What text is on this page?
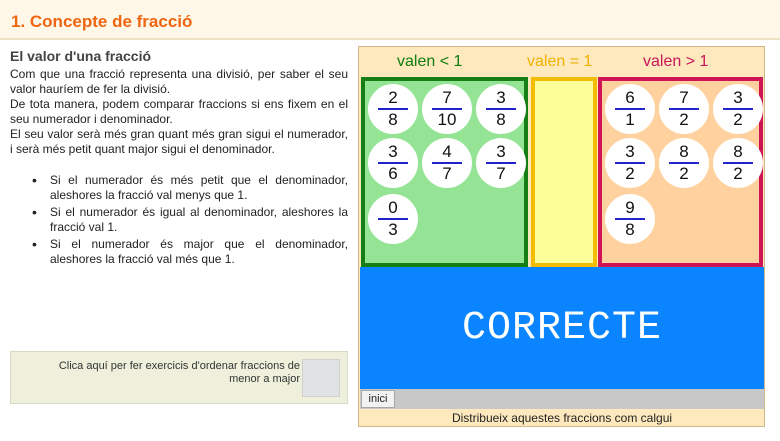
1. Concepte de fracció
El valor d'una fracció

Com que una fracció representa una divisió, per saber el seu valor hauríem de fer la divisió.

De tota manera, podem comparar fraccions si ens fixem en el seu numerador i denominador.

El seu valor serà més gran quant més gran sigui el numerador, i serà més petit quant major sigui el denominador.

• Si el numerador és més petit que el denominador, aleshores la fracció val menys que 1.
• Si el numerador és igual al denominador, aleshores la fracció val 1.
• Si el numerador és major que el denominador, aleshores la fracció val més que 1.
Clica aquí per fer exercicis d'ordenar fraccions de menor a major
valen < 1	valen = 1	valen > 1
2
8
7
10
3
8
3
6
4
7
3
7
0
3
6
1
7
2
3
2
3
2
8
2
8
2
9
8
CORRECTE
inici
Distribueix aquestes fraccions com calgui
